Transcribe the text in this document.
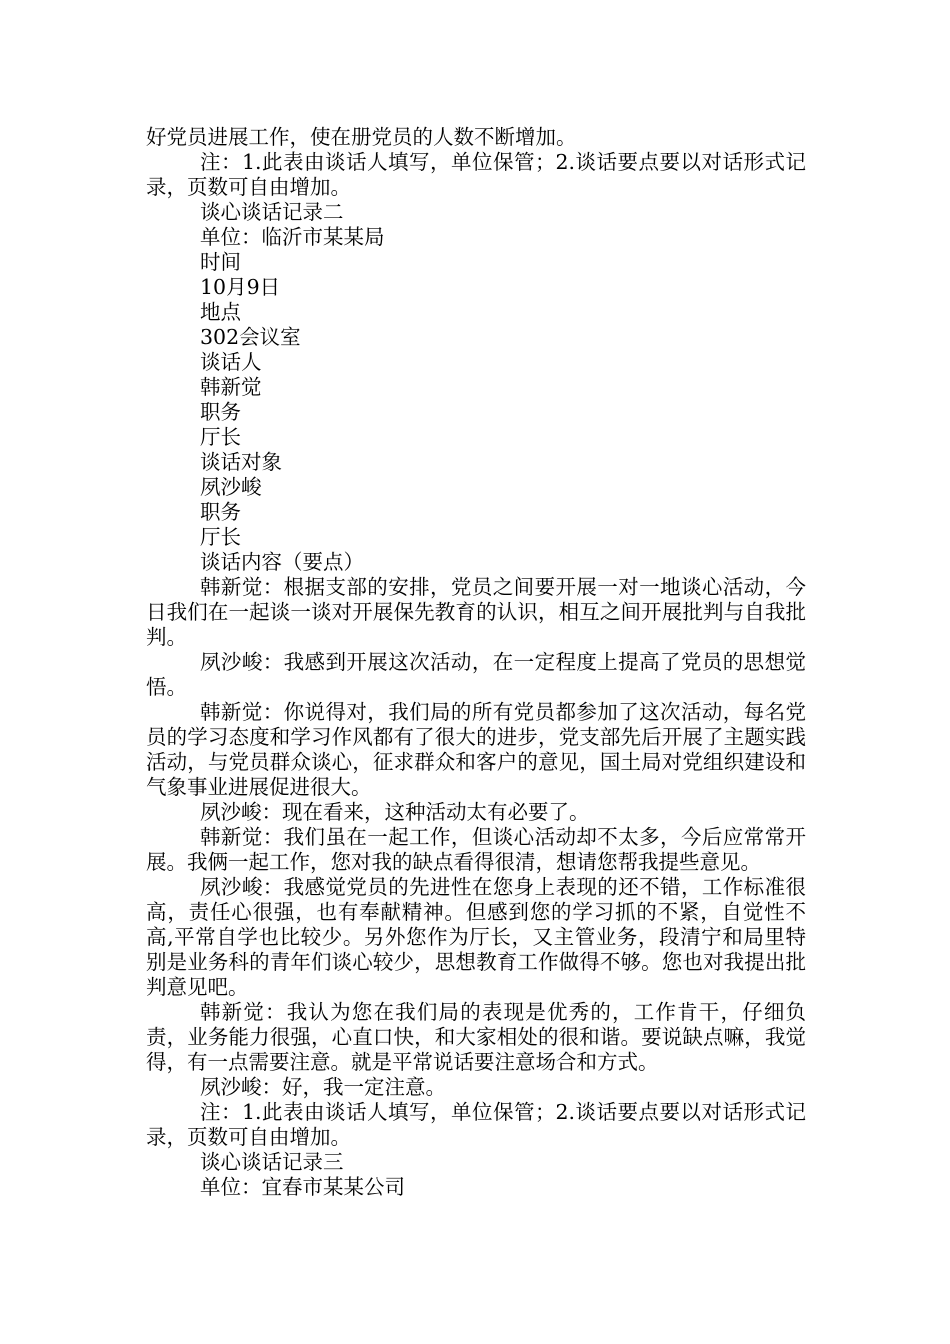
好党员进展工作，使在册党员的人数不断增加。

注：1.此表由谈话人填写，单位保管；2.谈话要点要以对话形式记录，页数可自由增加。

谈心谈话记录二

单位：临沂市某某局

时间

10月9日

地点

302会议室

谈话人

韩新觉

职务

厅长

谈话对象

夙沙峻

职务

厅长

谈话内容（要点）

韩新觉：根据支部的安排，党员之间要开展一对一地谈心活动，今日我们在一起谈一谈对开展保先教育的认识，相互之间开展批判与自我批判。

夙沙峻：我感到开展这次活动，在一定程度上提高了党员的思想觉悟。

韩新觉：你说得对，我们局的所有党员都参加了这次活动，每名党员的学习态度和学习作风都有了很大的进步，党支部先后开展了主题实践活动，与党员群众谈心，征求群众和客户的意见，国土局对党组织建设和气象事业进展促进很大。

夙沙峻：现在看来，这种活动太有必要了。

韩新觉：我们虽在一起工作，但谈心活动却不太多，今后应常常开展。我俩一起工作，您对我的缺点看得很清，想请您帮我提些意见。

夙沙峻：我感觉党员的先进性在您身上表现的还不错，工作标准很高，责任心很强，也有奉献精神。但感到您的学习抓的不紧，自觉性不高,平常自学也比较少。另外您作为厅长，又主管业务，段清宁和局里特别是业务科的青年们谈心较少，思想教育工作做得不够。您也对我提出批判意见吧。

韩新觉：我认为您在我们局的表现是优秀的，工作肯干，仔细负责，业务能力很强，心直口快，和大家相处的很和谐。要说缺点嘛，我觉得，有一点需要注意。就是平常说话要注意场合和方式。

夙沙峻：好，我一定注意。

注：1.此表由谈话人填写，单位保管；2.谈话要点要以对话形式记录，页数可自由增加。

谈心谈话记录三

单位：宜春市某某公司
